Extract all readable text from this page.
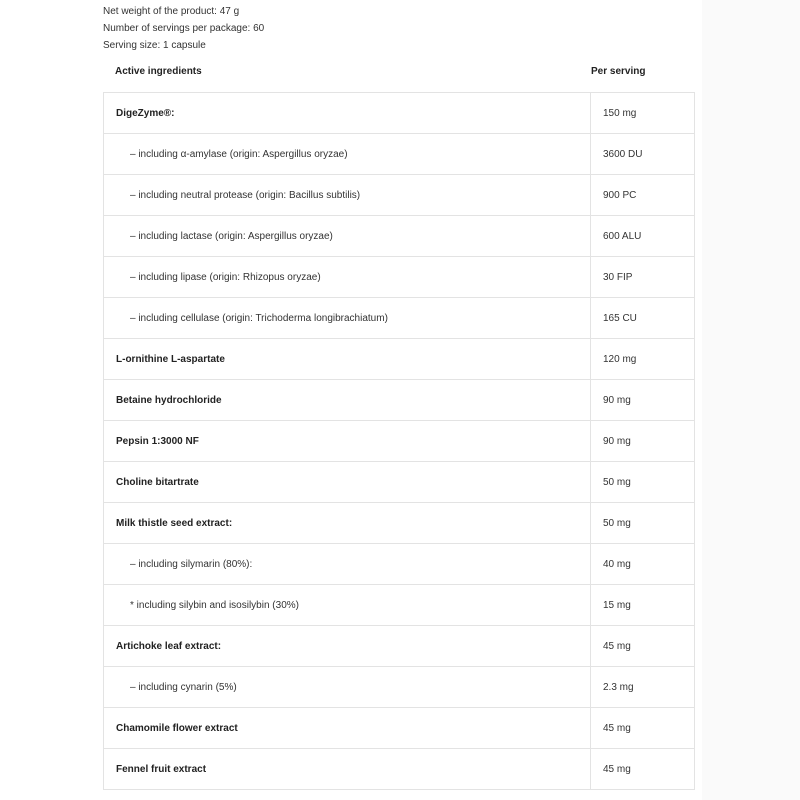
Net weight of the product: 47 g
Number of servings per package: 60
Serving size: 1 capsule
Active ingredients	Per serving
DigeZyme®:	150 mg
– including α-amylase (origin: Aspergillus oryzae)	3600 DU
– including neutral protease (origin: Bacillus subtilis)	900 PC
– including lactase (origin: Aspergillus oryzae)	600 ALU
– including lipase (origin: Rhizopus oryzae)	30 FIP
– including cellulase (origin: Trichoderma longibrachiatum)	165 CU
L-ornithine L-aspartate	120 mg
Betaine hydrochloride	90 mg
Pepsin 1:3000 NF	90 mg
Choline bitartrate	50 mg
Milk thistle seed extract:	50 mg
– including silymarin (80%):	40 mg
* including silybin and isosilybin (30%)	15 mg
Artichoke leaf extract:	45 mg
– including cynarin (5%)	2.3 mg
Chamomile flower extract	45 mg
Fennel fruit extract	45 mg
